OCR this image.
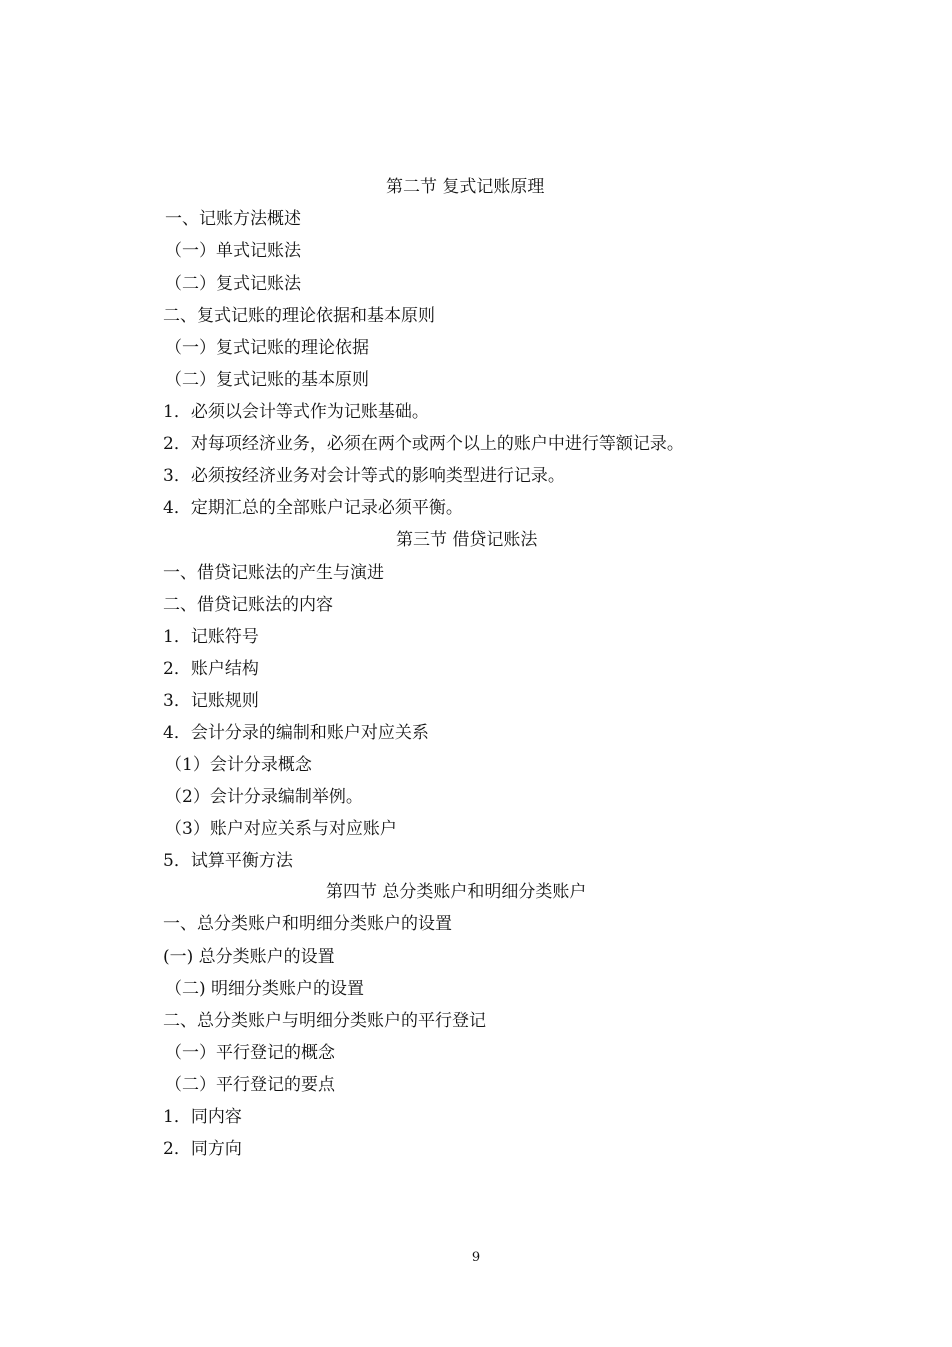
第二节 复式记账原理
一、记账方法概述
（一）单式记账法
（二）复式记账法
二、复式记账的理论依据和基本原则
（一）复式记账的理论依据
（二）复式记账的基本原则
1．必须以会计等式作为记账基础。
2．对每项经济业务，必须在两个或两个以上的账户中进行等额记录。
3．必须按经济业务对会计等式的影响类型进行记录。
4．定期汇总的全部账户记录必须平衡。
第三节 借贷记账法
一、借贷记账法的产生与演进
二、借贷记账法的内容
1．记账符号
2．账户结构
3．记账规则
4．会计分录的编制和账户对应关系
（1）会计分录概念
（2）会计分录编制举例。
（3）账户对应关系与对应账户
5．试算平衡方法
第四节 总分类账户和明细分类账户
一、总分类账户和明细分类账户的设置
(一) 总分类账户的设置
（二) 明细分类账户的设置
二、总分类账户与明细分类账户的平行登记
（一）平行登记的概念
（二）平行登记的要点
1．同内容
2．同方向
9
